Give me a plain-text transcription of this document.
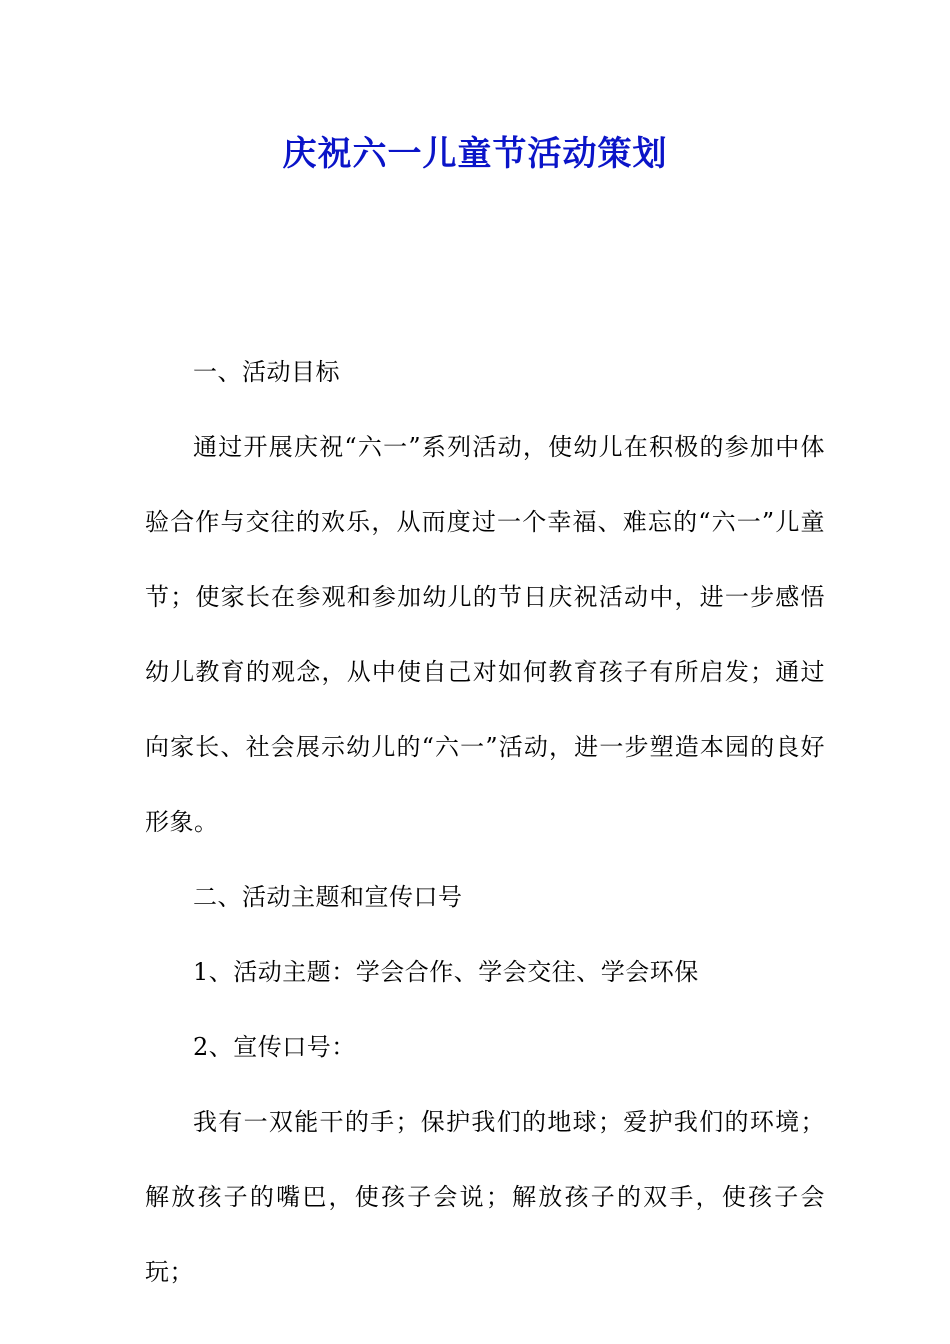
庆祝六一儿童节活动策划

一、活动目标

通过开展庆祝“六一”系列活动，使幼儿在积极的参加中体验合作与交往的欢乐，从而度过一个幸福、难忘的“六一”儿童节；使家长在参观和参加幼儿的节日庆祝活动中，进一步感悟幼儿教育的观念，从中使自己对如何教育孩子有所启发；通过向家长、社会展示幼儿的“六一”活动，进一步塑造本园的良好形象。

二、活动主题和宣传口号

1、活动主题：学会合作、学会交往、学会环保

2、宣传口号：

我有一双能干的手；保护我们的地球；爱护我们的环境；解放孩子的嘴巴，使孩子会说；解放孩子的双手，使孩子会玩；
